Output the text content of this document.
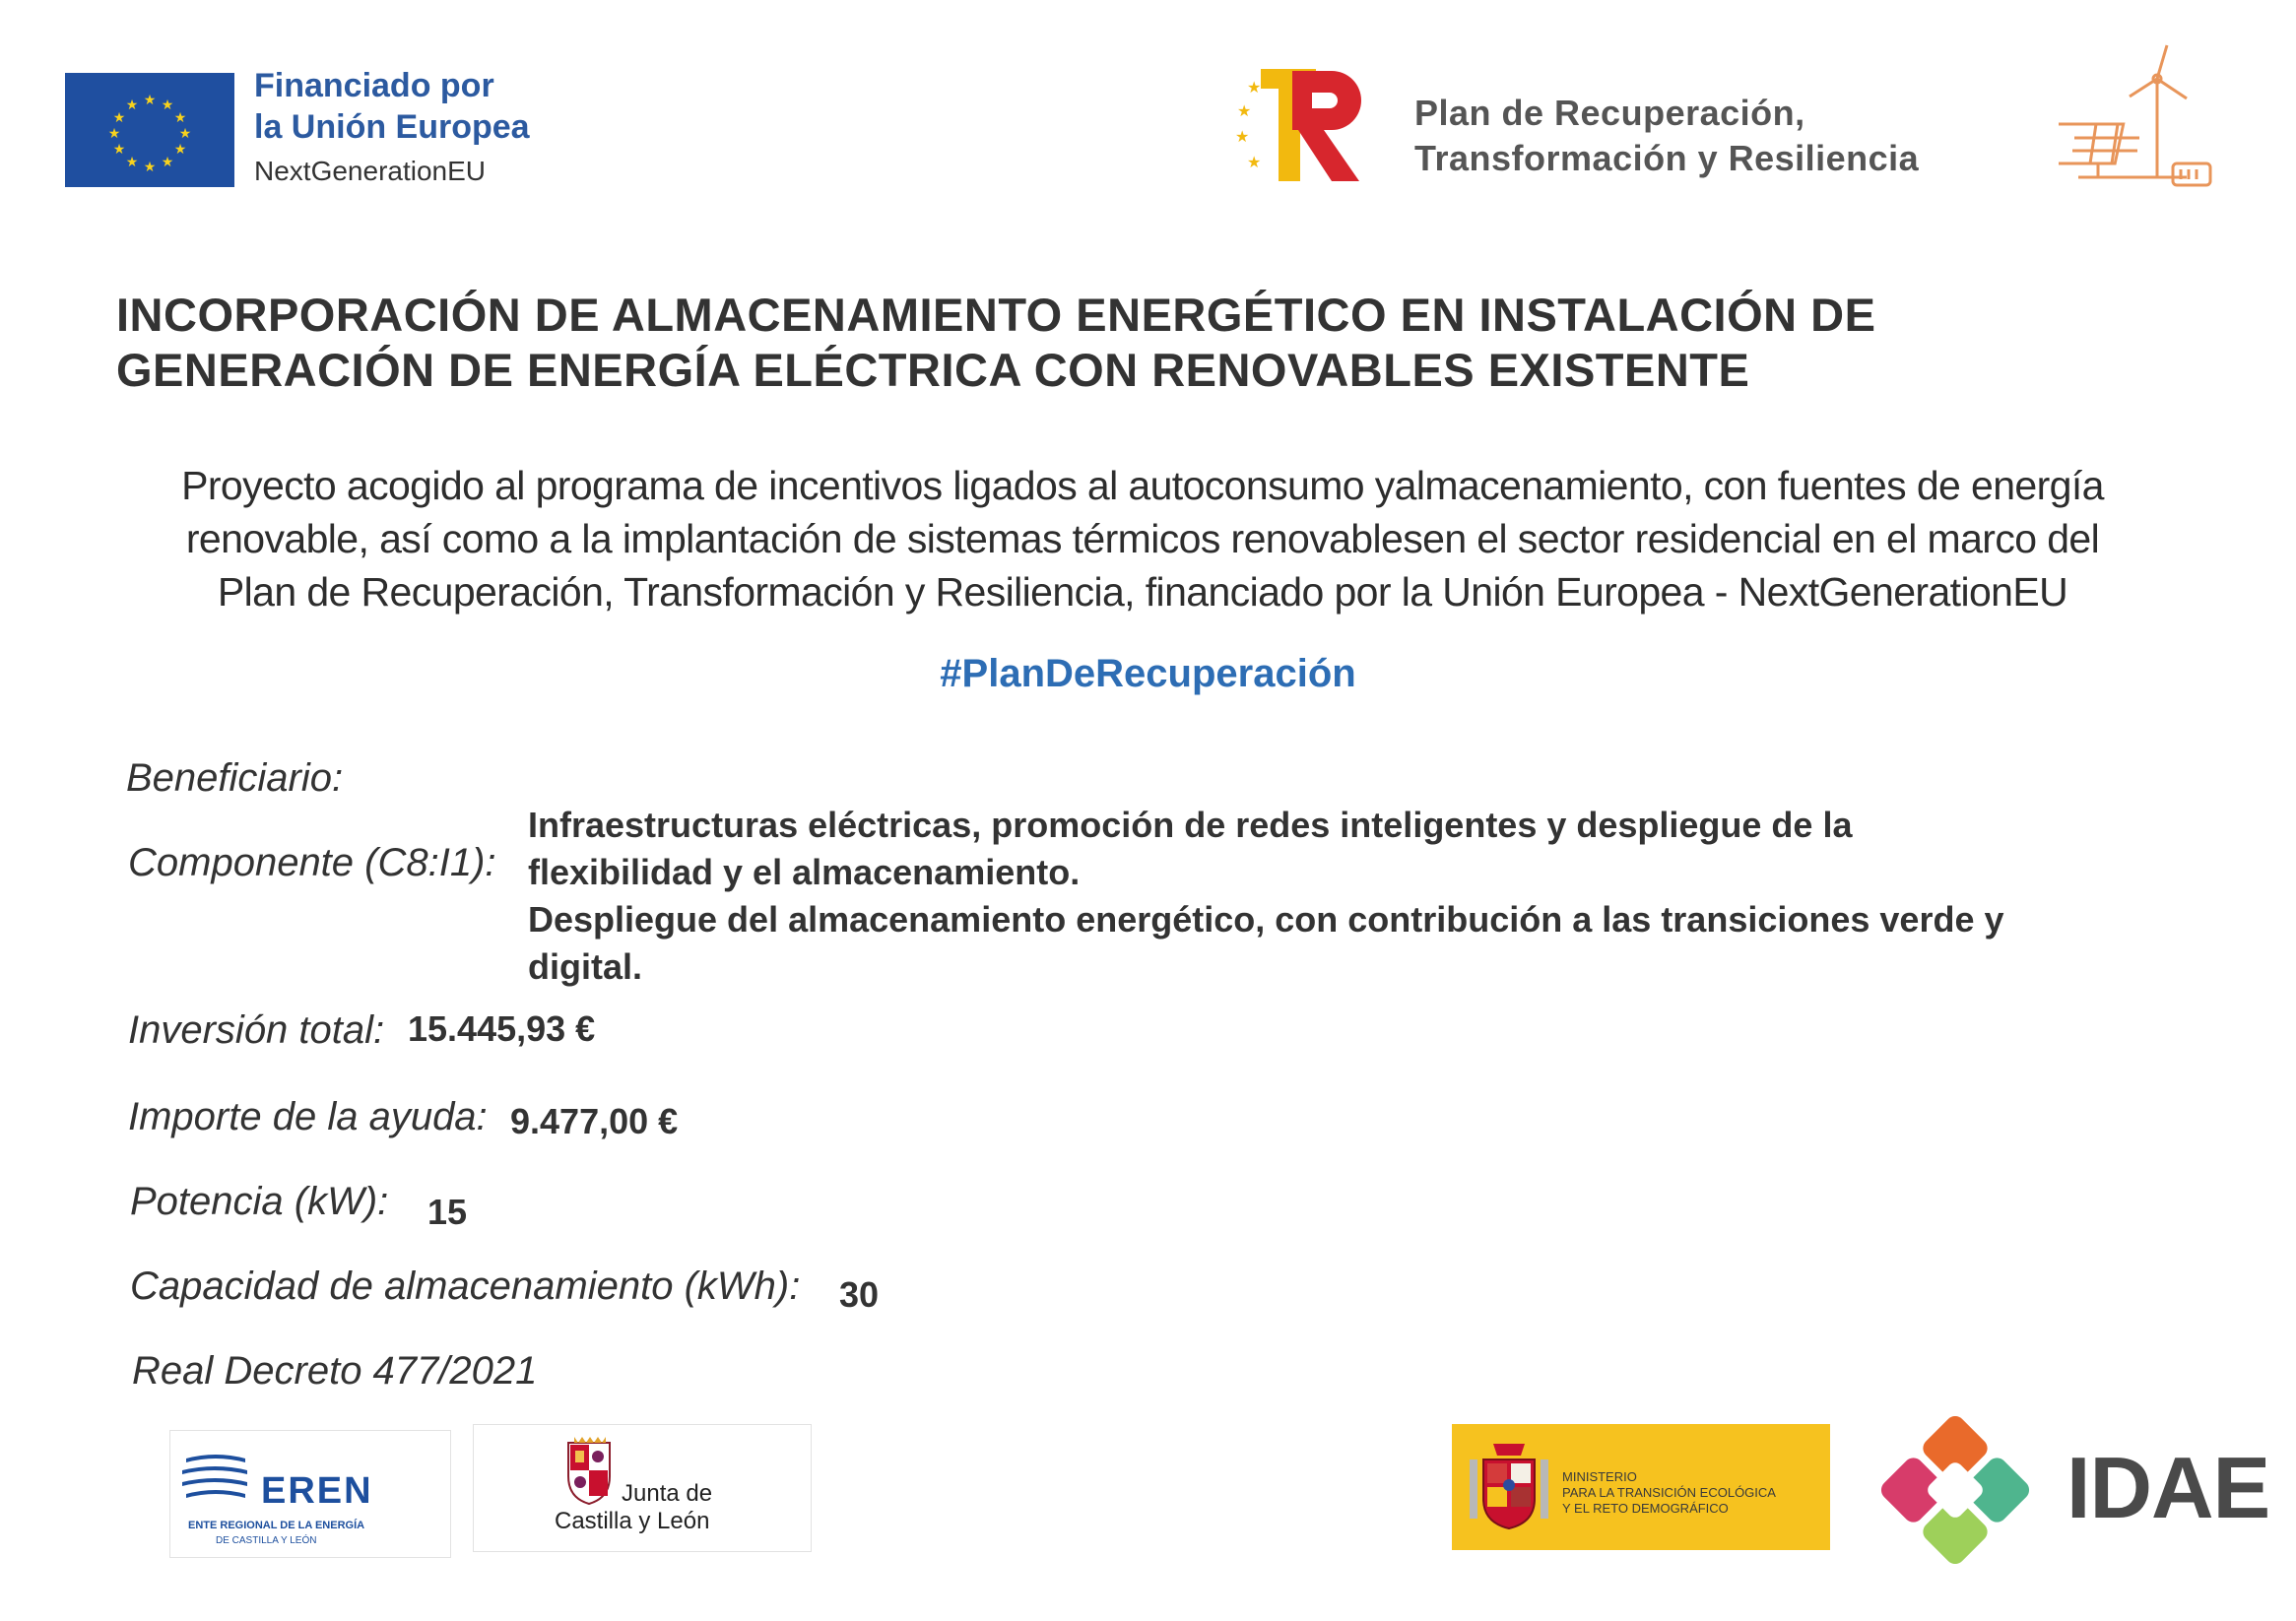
★ ★
★
★
★
★
★
★
★
★
★
★	Financiado por
la Unión Europea
NextGenerationEU
★
★
★
★
Plan de Recuperación,
Transformación y Resiliencia
INCORPORACIÓN DE ALMACENAMIENTO ENERGÉTICO EN INSTALACIÓN DE
GENERACIÓN DE ENERGÍA ELÉCTRICA CON RENOVABLES EXISTENTE
Proyecto acogido al programa de incentivos ligados al autoconsumo yalmacenamiento, con fuentes de energía
renovable, así como a la implantación de sistemas térmicos renovablesen el sector residencial en el marco del
Plan de Recuperación, Transformación y Resiliencia, financiado por la Unión Europea - NextGenerationEU
#PlanDeRecuperación
Beneficiario:
Componente (C8:I1):
Infraestructuras eléctricas, promoción de redes inteligentes y despliegue de la
flexibilidad y el almacenamiento.
Despliegue del almacenamiento energético, con contribución a las transiciones verde y
digital.
Inversión total: 15.445,93 €
Importe de la ayuda: 9.477,00 €
Potencia (kW): 15
Capacidad de almacenamiento (kWh): 30
Real Decreto 477/2021
EREN
ENTE REGIONAL DE LA ENERGÍA
DE CASTILLA Y LEÓN
Junta de
Castilla y León
MINISTERIO
PARA LA TRANSICIÓN ECOLÓGICA
Y EL RETO DEMOGRÁFICO	IDAE
